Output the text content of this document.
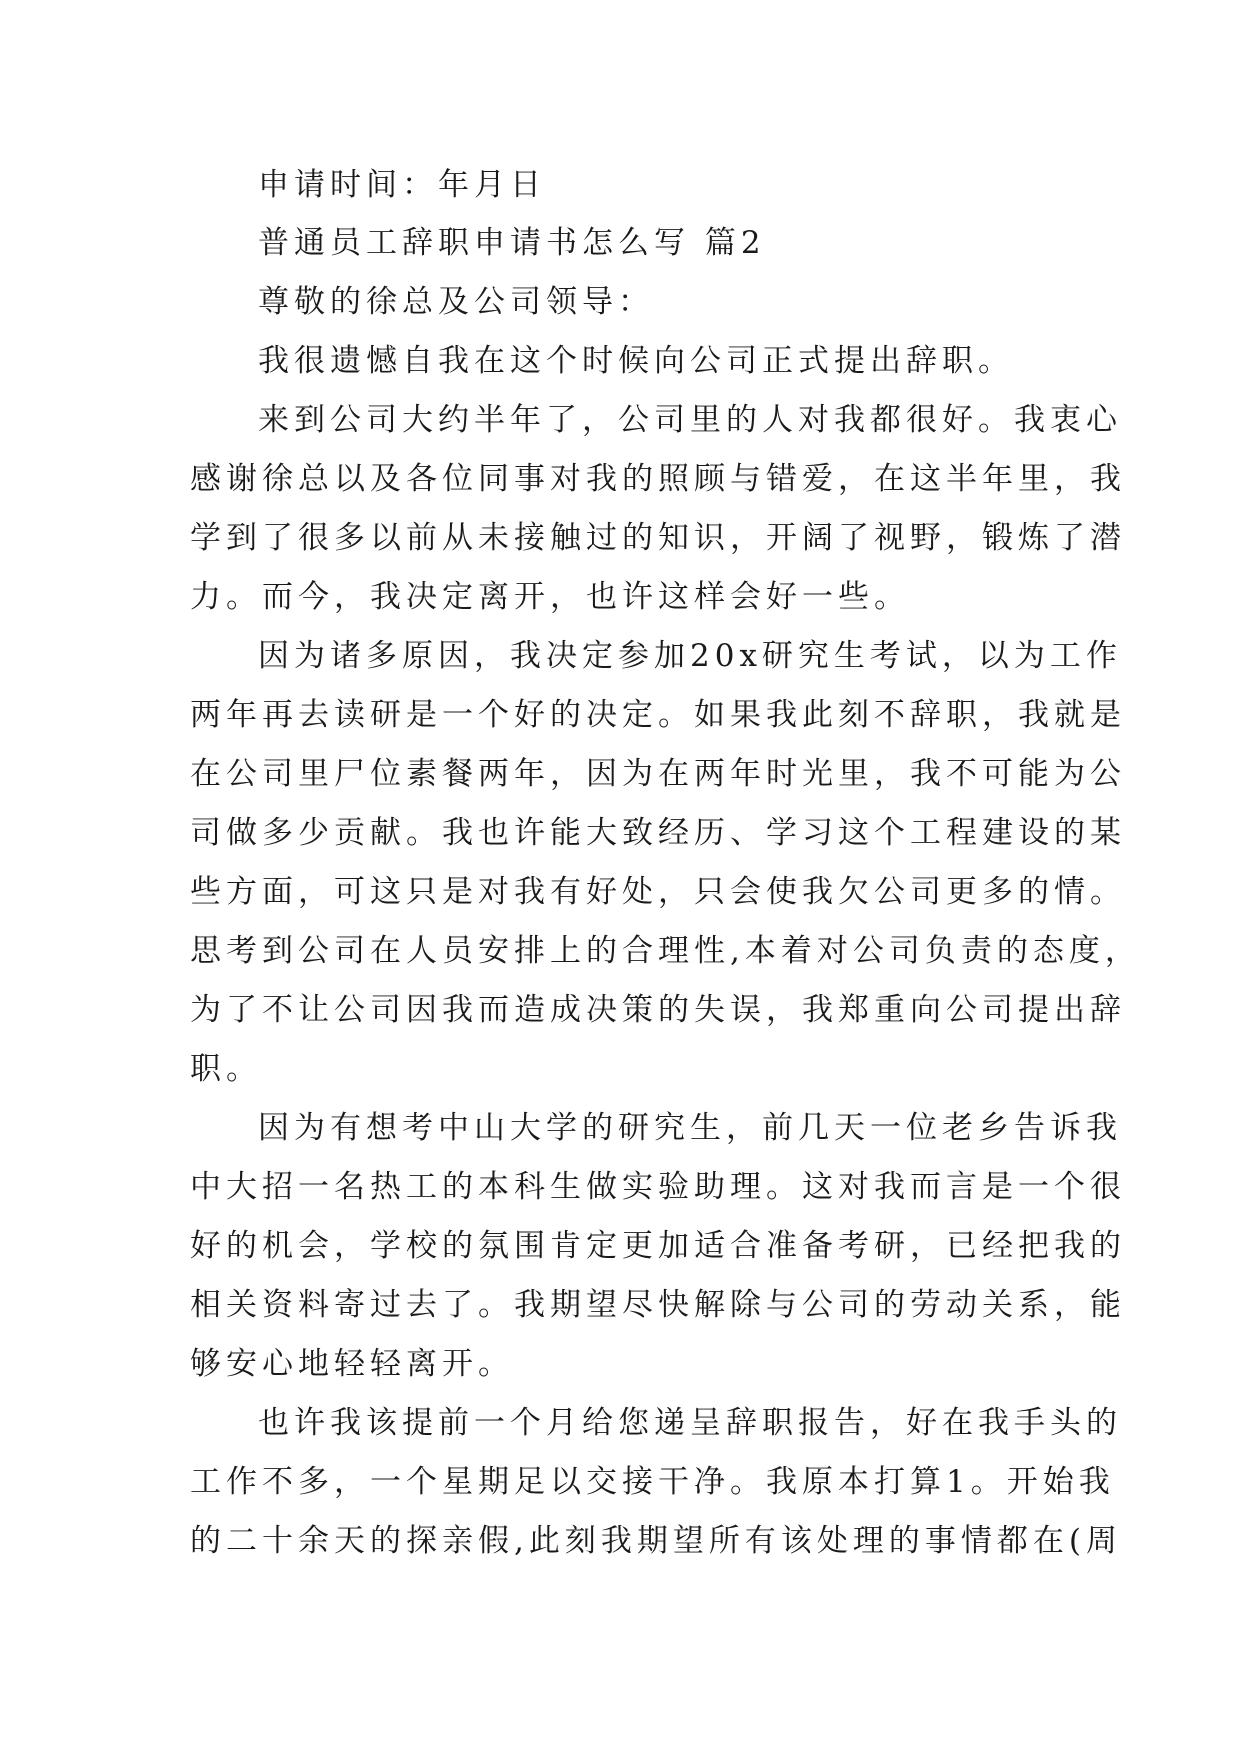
申请时间：年月日
普通员工辞职申请书怎么写 篇2
尊敬的徐总及公司领导：
我很遗憾自我在这个时候向公司正式提出辞职。
来到公司大约半年了，公司里的人对我都很好。我衷心
感谢徐总以及各位同事对我的照顾与错爱，在这半年里，我
学到了很多以前从未接触过的知识，开阔了视野，锻炼了潜
力。而今，我决定离开，也许这样会好一些。
因为诸多原因，我决定参加20x研究生考试，以为工作
两年再去读研是一个好的决定。如果我此刻不辞职，我就是
在公司里尸位素餐两年，因为在两年时光里，我不可能为公
司做多少贡献。我也许能大致经历、学习这个工程建设的某
些方面，可这只是对我有好处，只会使我欠公司更多的情。
思考到公司在人员安排上的合理性,本着对公司负责的态度，
为了不让公司因我而造成决策的失误，我郑重向公司提出辞
职。
因为有想考中山大学的研究生，前几天一位老乡告诉我
中大招一名热工的本科生做实验助理。这对我而言是一个很
好的机会，学校的氛围肯定更加适合准备考研，已经把我的
相关资料寄过去了。我期望尽快解除与公司的劳动关系，能
够安心地轻轻离开。
也许我该提前一个月给您递呈辞职报告，好在我手头的
工作不多，一个星期足以交接干净。我原本打算1。开始我
的二十余天的探亲假,此刻我期望所有该处理的事情都在(周
